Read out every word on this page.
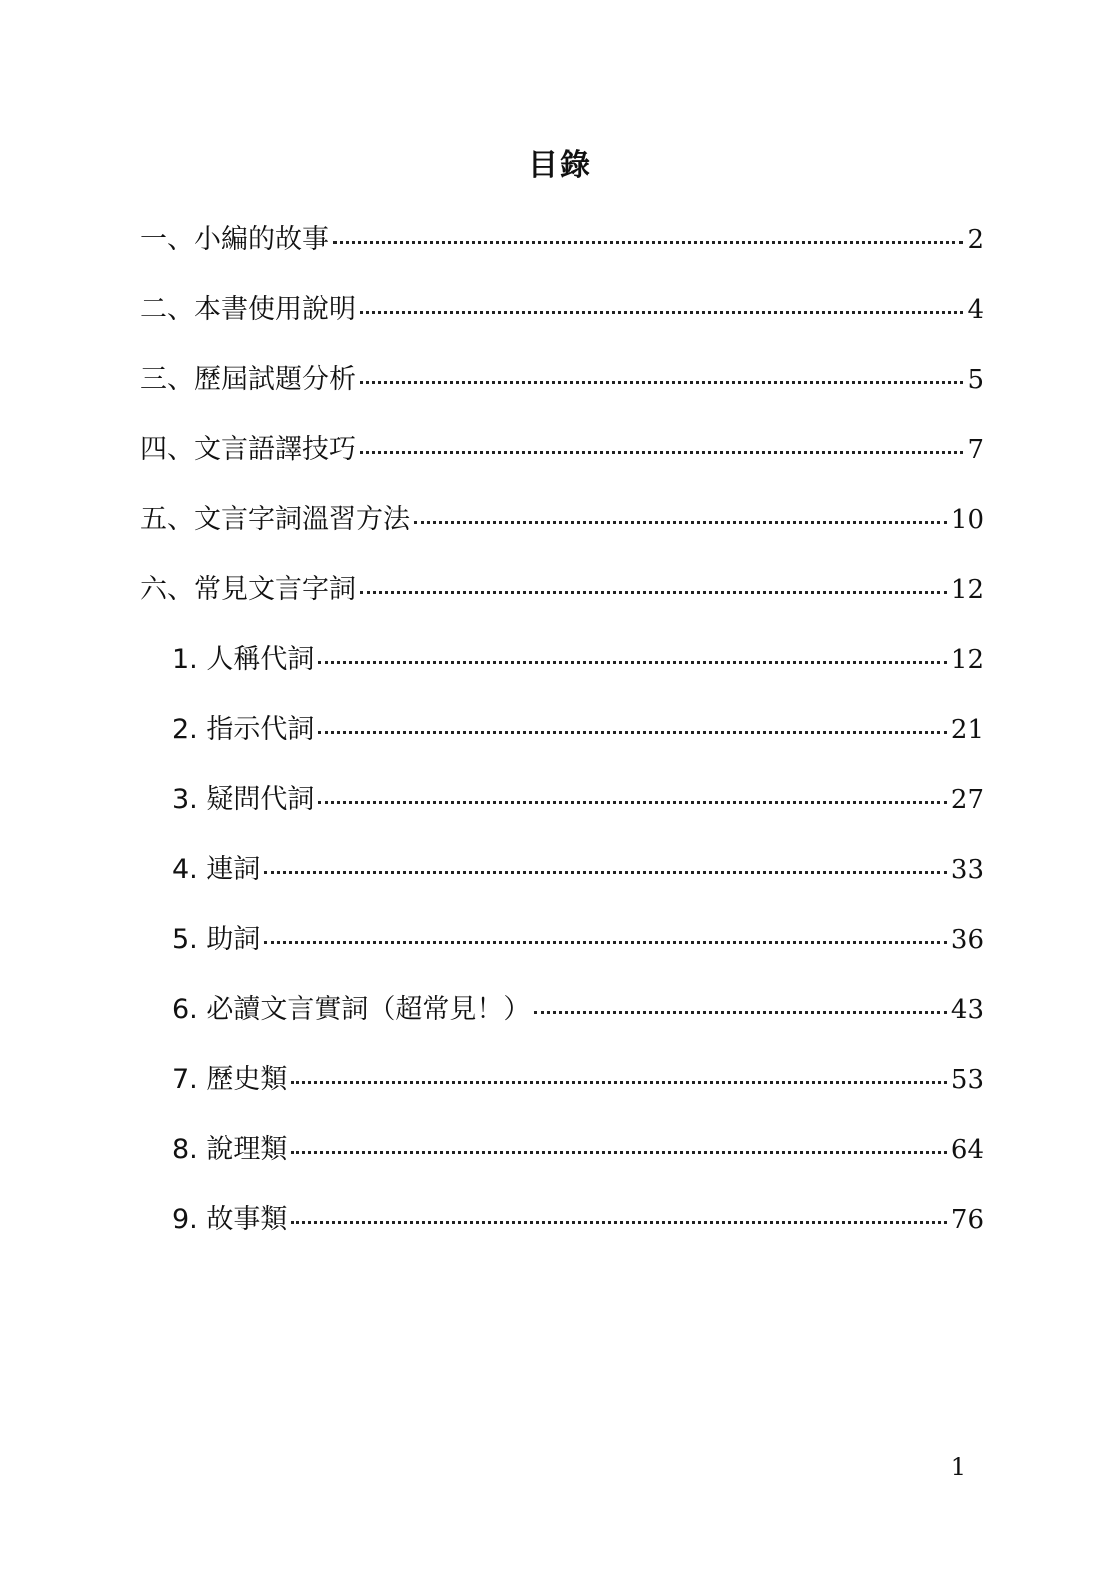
目錄
一、小編的故事	2
二、本書使用說明	4
三、歷屆試題分析	5
四、文言語譯技巧	7
五、文言字詞溫習方法	10
六、常見文言字詞	12
1. 人稱代詞	12
2. 指示代詞	21
3. 疑問代詞	27
4. 連詞	33
5. 助詞	36
6. 必讀文言實詞（超常見！）	43
7. 歷史類	53
8. 說理類	64
9. 故事類	76
1
